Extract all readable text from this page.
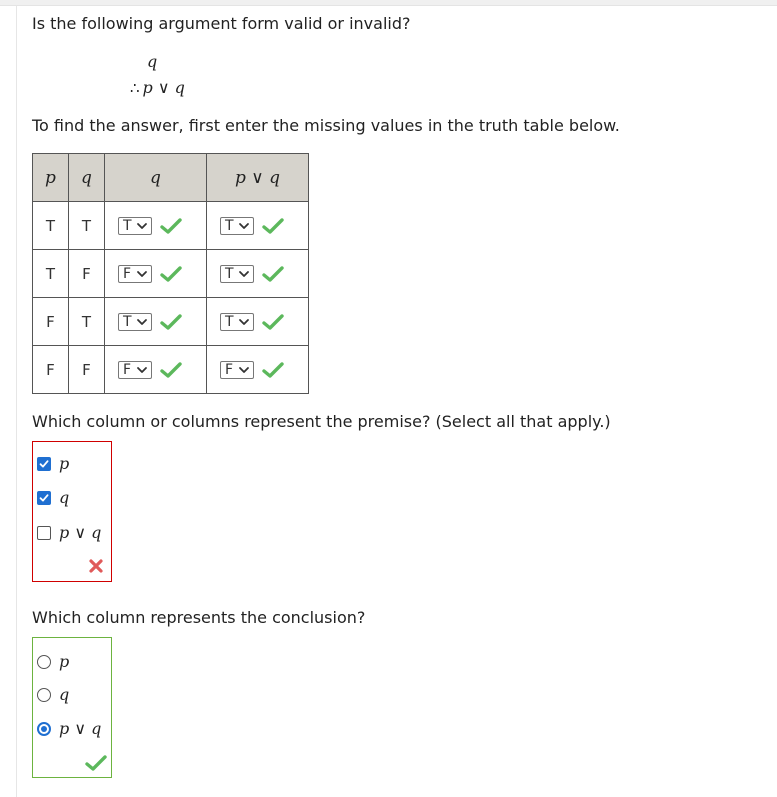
Is the following argument form valid or invalid?
q
∴ p ∨ q
To find the answer, first enter the missing values in the truth table below.
p	q	q	p ∨ q
T	T	T	T

T	F	F	T

F	T	T	T

F	F	F	F
Which column or columns represent the premise? (Select all that apply.)
p
q
p ∨ q
Which column represents the conclusion?
p
q
p ∨ q
